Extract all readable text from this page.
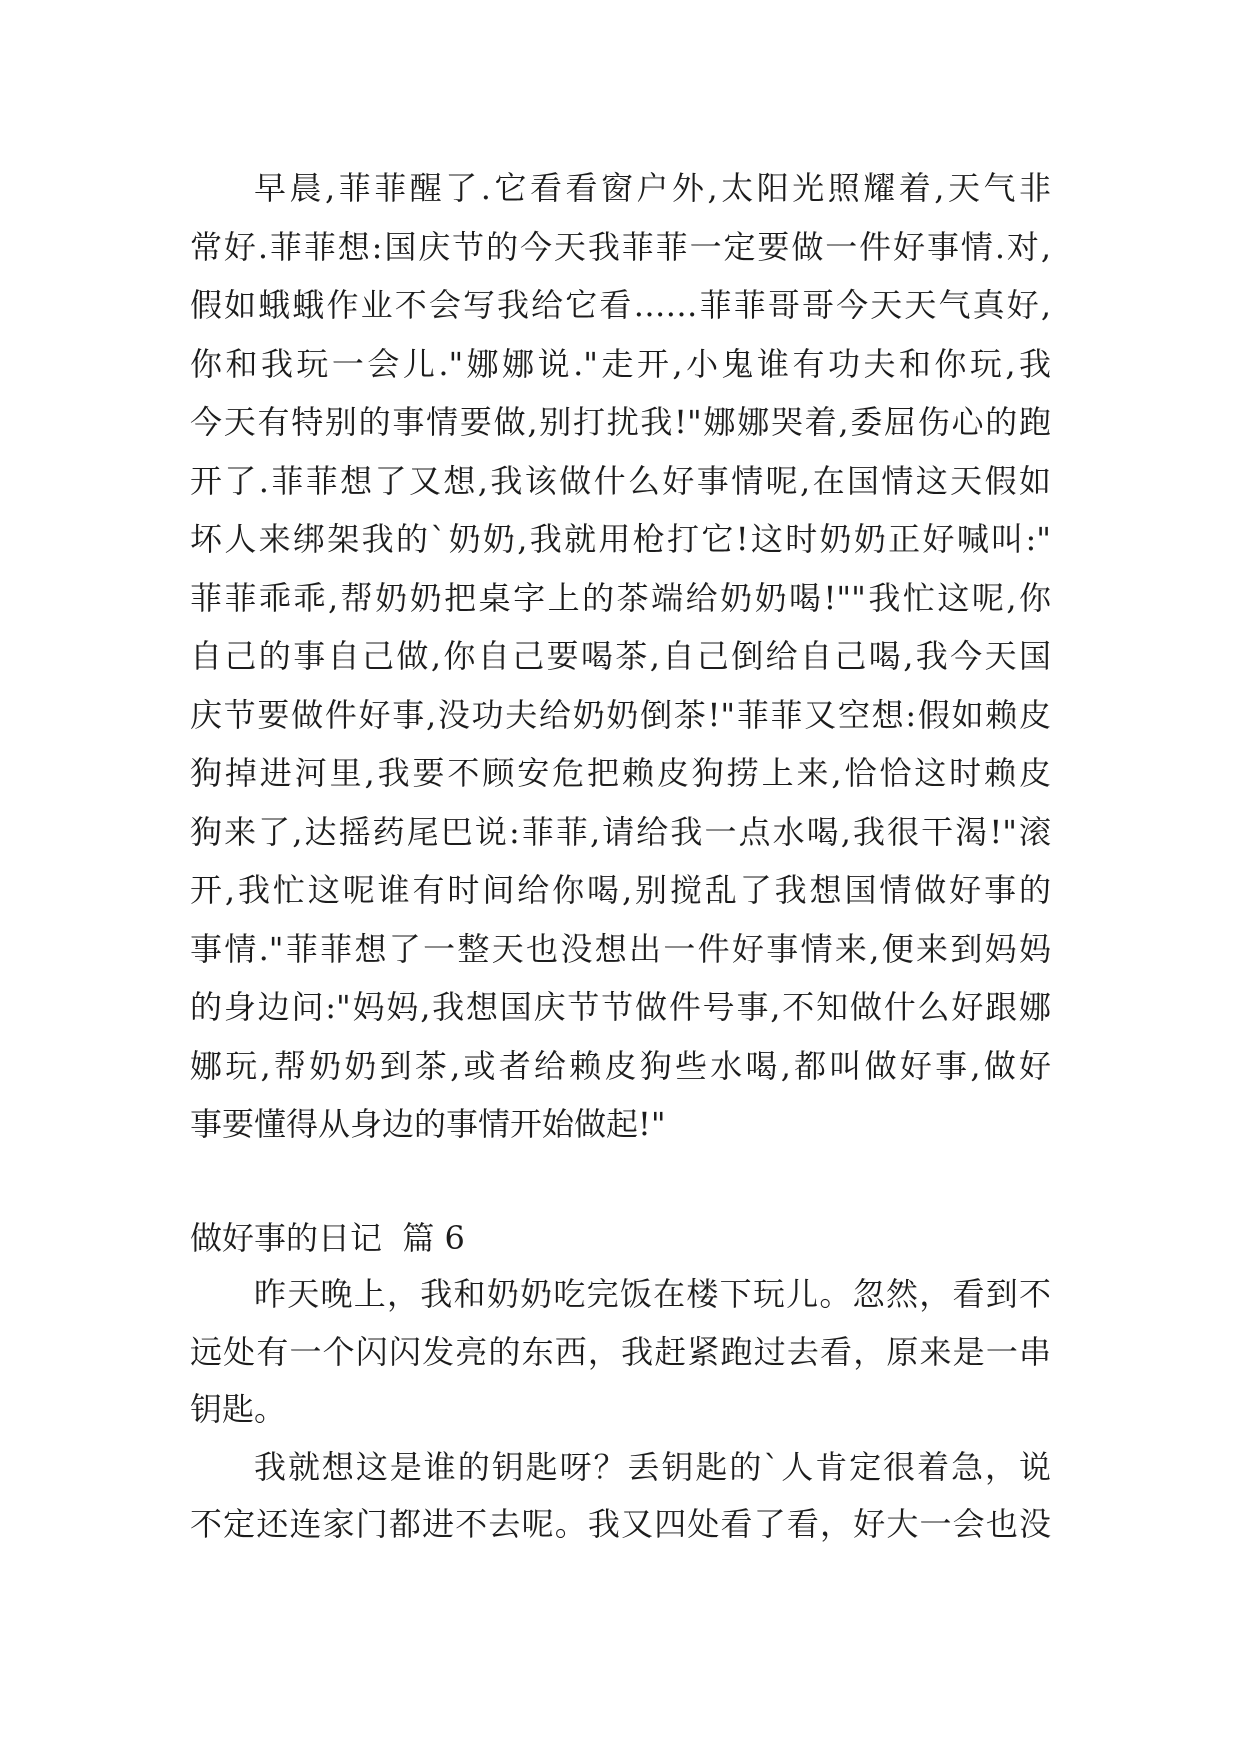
早晨,菲菲醒了.它看看窗户外,太阳光照耀着,天气非
常好.菲菲想:国庆节的今天我菲菲一定要做一件好事情.对,
假如蛾蛾作业不会写我给它看……菲菲哥哥今天天气真好,
你和我玩一会儿."娜娜说."走开,小鬼谁有功夫和你玩,我
今天有特别的事情要做,别打扰我!"娜娜哭着,委屈伤心的跑
开了.菲菲想了又想,我该做什么好事情呢,在国情这天假如
坏人来绑架我的`奶奶,我就用枪打它!这时奶奶正好喊叫:"
菲菲乖乖,帮奶奶把桌字上的茶端给奶奶喝!""我忙这呢,你
自己的事自己做,你自己要喝茶,自己倒给自己喝,我今天国
庆节要做件好事,没功夫给奶奶倒茶!"菲菲又空想:假如赖皮
狗掉进河里,我要不顾安危把赖皮狗捞上来,恰恰这时赖皮
狗来了,达摇药尾巴说:菲菲,请给我一点水喝,我很干渴!"滚
开,我忙这呢谁有时间给你喝,别搅乱了我想国情做好事的
事情."菲菲想了一整天也没想出一件好事情来,便来到妈妈
的身边问:"妈妈,我想国庆节节做件号事,不知做什么好跟娜
娜玩,帮奶奶到茶,或者给赖皮狗些水喝,都叫做好事,做好
事要懂得从身边的事情开始做起!"
做好事的日记  篇 6
昨天晚上，我和奶奶吃完饭在楼下玩儿。忽然，看到不
远处有一个闪闪发亮的东西，我赶紧跑过去看，原来是一串
钥匙。
我就想这是谁的钥匙呀？丢钥匙的`人肯定很着急，说
不定还连家门都进不去呢。我又四处看了看，好大一会也没
